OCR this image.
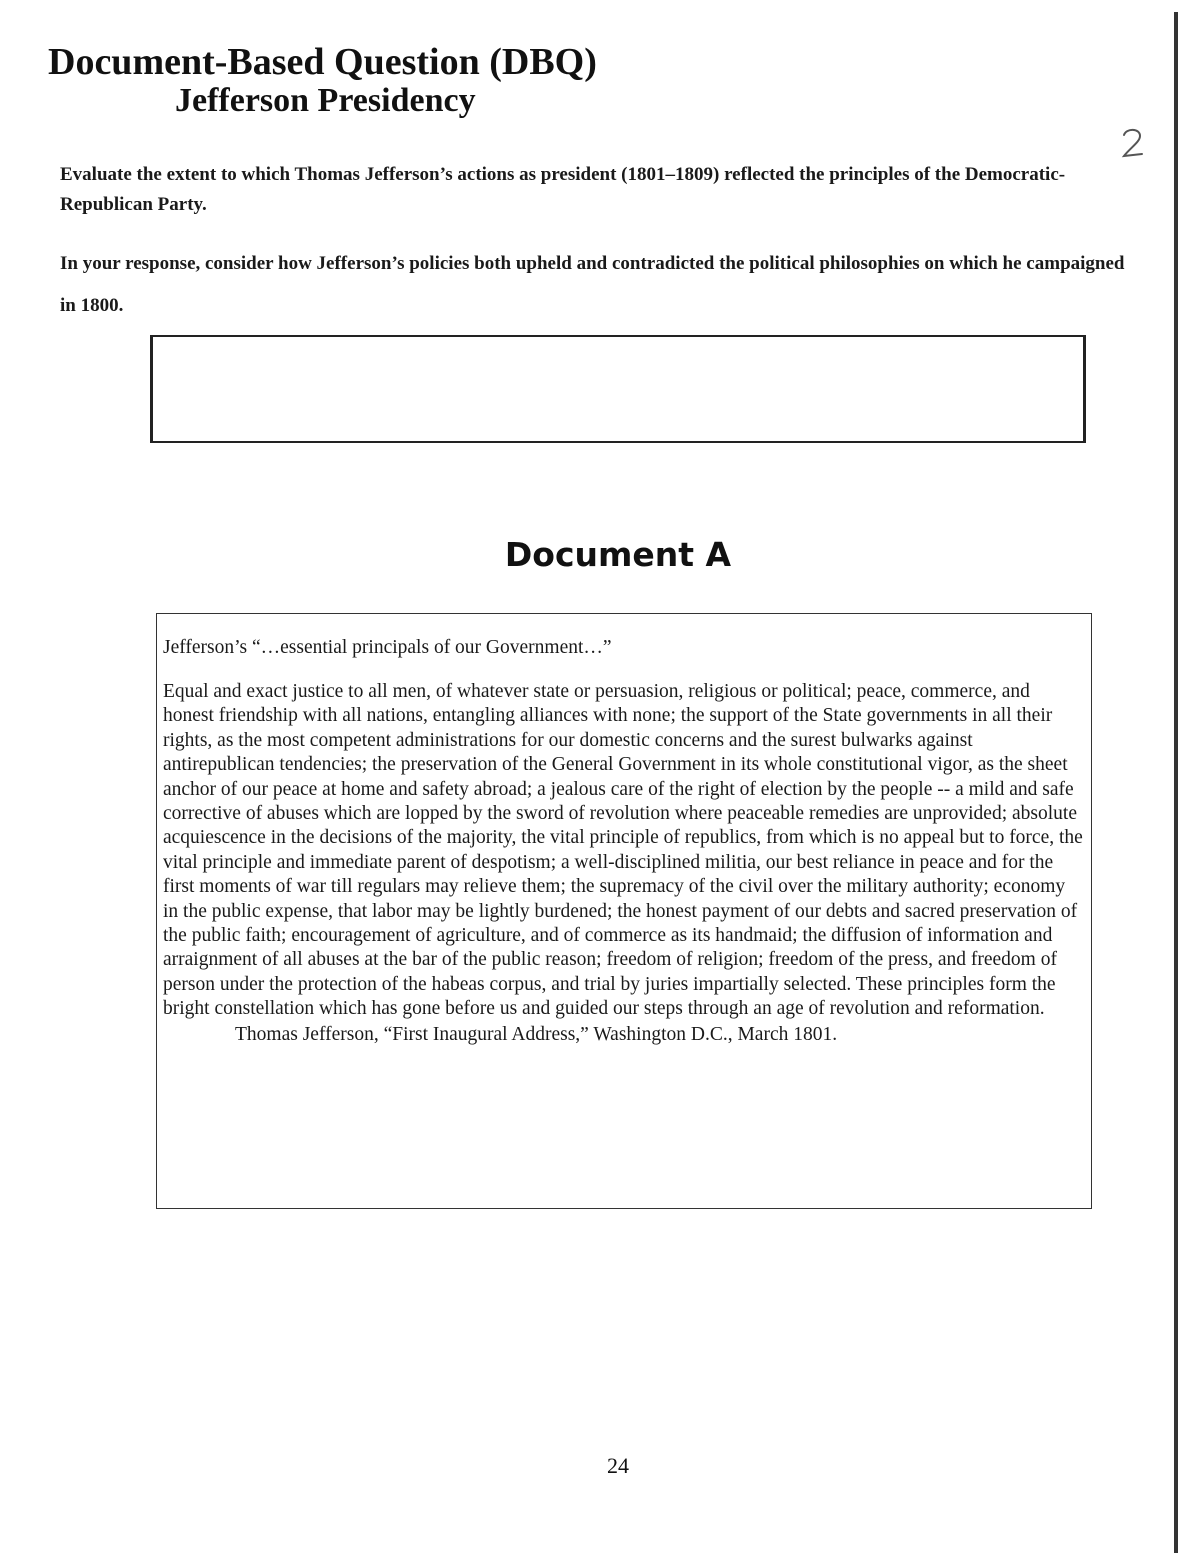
Document-Based Question (DBQ)
Jefferson Presidency

Evaluate the extent to which Thomas Jefferson’s actions as president (1801–1809) reflected the principles of the Democratic-Republican Party.

In your response, consider how Jefferson’s policies both upheld and contradicted the political philosophies on which he campaigned in 1800.

Document A

Jefferson’s “…essential principals of our Government…”

Equal and exact justice to all men, of whatever state or persuasion, religious or political; peace, commerce, and honest friendship with all nations, entangling alliances with none; the support of the State governments in all their rights, as the most competent administrations for our domestic concerns and the surest bulwarks against antirepublican tendencies; the preservation of the General Government in its whole constitutional vigor, as the sheet anchor of our peace at home and safety abroad; a jealous care of the right of election by the people -- a mild and safe corrective of abuses which are lopped by the sword of revolution where peaceable remedies are unprovided; absolute acquiescence in the decisions of the majority, the vital principle of republics, from which is no appeal but to force, the vital principle and immediate parent of despotism; a well-disciplined militia, our best reliance in peace and for the first moments of war till regulars may relieve them; the supremacy of the civil over the military authority; economy in the public expense, that labor may be lightly burdened; the honest payment of our debts and sacred preservation of the public faith; encouragement of agriculture, and of commerce as its handmaid; the diffusion of information and arraignment of all abuses at the bar of the public reason; freedom of religion; freedom of the press, and freedom of person under the protection of the habeas corpus, and trial by juries impartially selected. These principles form the bright constellation which has gone before us and guided our steps through an age of revolution and reformation.

Thomas Jefferson, “First Inaugural Address,” Washington D.C., March 1801.

24
